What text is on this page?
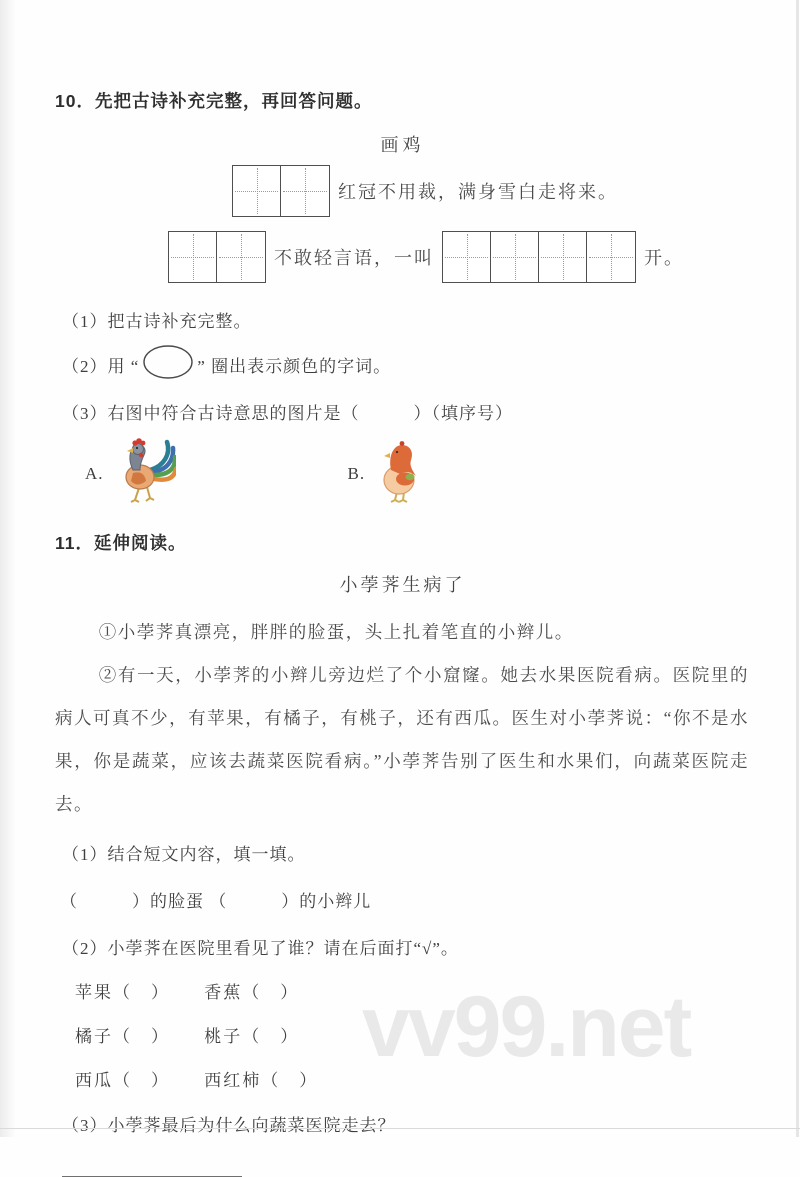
vv99.net
10．先把古诗补充完整，再回答问题。
画鸡
红冠不用裁，满身雪白走将来。
不敢轻言语，一叫	开。
（1）把古诗补充完整。
（2）用 “	” 圈出表示颜色的字词。
（3）右图中符合古诗意思的图片是（　　　）（填序号）
A.	B.
11．延伸阅读。
小荸荠生病了
①小荸荠真漂亮，胖胖的脸蛋，头上扎着笔直的小辫儿。
②有一天，小荸荠的小辫儿旁边烂了个小窟窿。她去水果医院看病。医院里的病人可真不少，有苹果，有橘子，有桃子，还有西瓜。医生对小荸荠说：“你不是水果，你是蔬菜，应该去蔬菜医院看病。”小荸荠告别了医生和水果们，向蔬菜医院走去。
（1）结合短文内容，填一填。
（　　　）的脸蛋 （　　　）的小辫儿
（2）小荸荠在医院里看见了谁？请在后面打“√”。
苹果（　） 香蕉（　）
橘子（　） 桃子（　）
西瓜（　） 西红柿（　）
（3）小荸荠最后为什么向蔬菜医院走去？
